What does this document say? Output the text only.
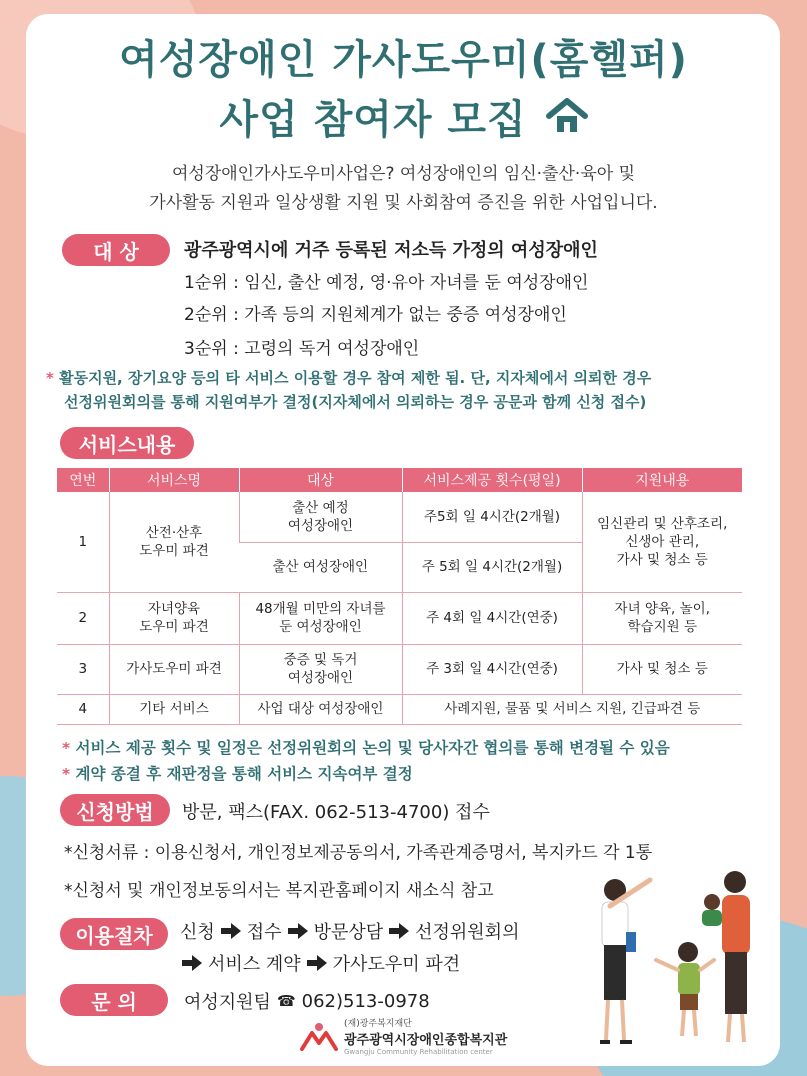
여성장애인 가사도우미(홈헬퍼)
사업 참여자 모집
여성장애인가사도우미사업은? 여성장애인의 임신·출산·육아 및
가사활동 지원과 일상생활 지원 및 사회참여 증진을 위한 사업입니다.
대 상	광주광역시에 거주 등록된 저소득 가정의 여성장애인
1순위 : 임신, 출산 예정, 영·유아 자녀를 둔 여성장애인
2순위 : 가족 등의 지원체계가 없는 중증 여성장애인
3순위 : 고령의 독거 여성장애인
* 활동지원, 장기요양 등의 타 서비스 이용할 경우 참여 제한 됨. 단, 지자체에서 의뢰한 경우
선정위원회의를 통해 지원여부가 결정(지자체에서 의뢰하는 경우 공문과 함께 신청 접수)
서비스내용
연번	서비스명	대상	서비스제공 횟수(평일)	지원내용
1	산전·산후
도우미 파견	출산 예정
여성장애인	주5회 일 4시간(2개월)	임신관리 및 산후조리,
신생아 관리,
가사 및 청소 등
		출산 여성장애인	주 5회 일 4시간(2개월)	
2	자녀양육
도우미 파견	48개월 미만의 자녀를
둔 여성장애인	주 4회 일 4시간(연중)	자녀 양육, 놀이,
학습지원 등
3	가사도우미 파견	중증 및 독거
여성장애인	주 3회 일 4시간(연중)	가사 및 청소 등
4	기타 서비스	사업 대상 여성장애인	사례지원, 물품 및 서비스 지원, 긴급파견 등	
* 서비스 제공 횟수 및 일정은 선정위원회의 논의 및 당사자간 협의를 통해 변경될 수 있음
* 계약 종결 후 재판정을 통해 서비스 지속여부 결정
신청방법	방문, 팩스(FAX. 062-513-4700) 접수
*신청서류 : 이용신청서, 개인정보제공동의서, 가족관계증명서, 복지카드 각 1통
*신청서 및 개인정보동의서는 복지관홈페이지 새소식 참고
이용절차	신청 접수 방문상담 선정위원회의
서비스 계약 가사도우미 파견
문 의	여성지원팀 ☎ 062)513-0978
(재)광주복지재단
광주광역시장애인종합복지관
Gwangju Community Rehabilitation center
